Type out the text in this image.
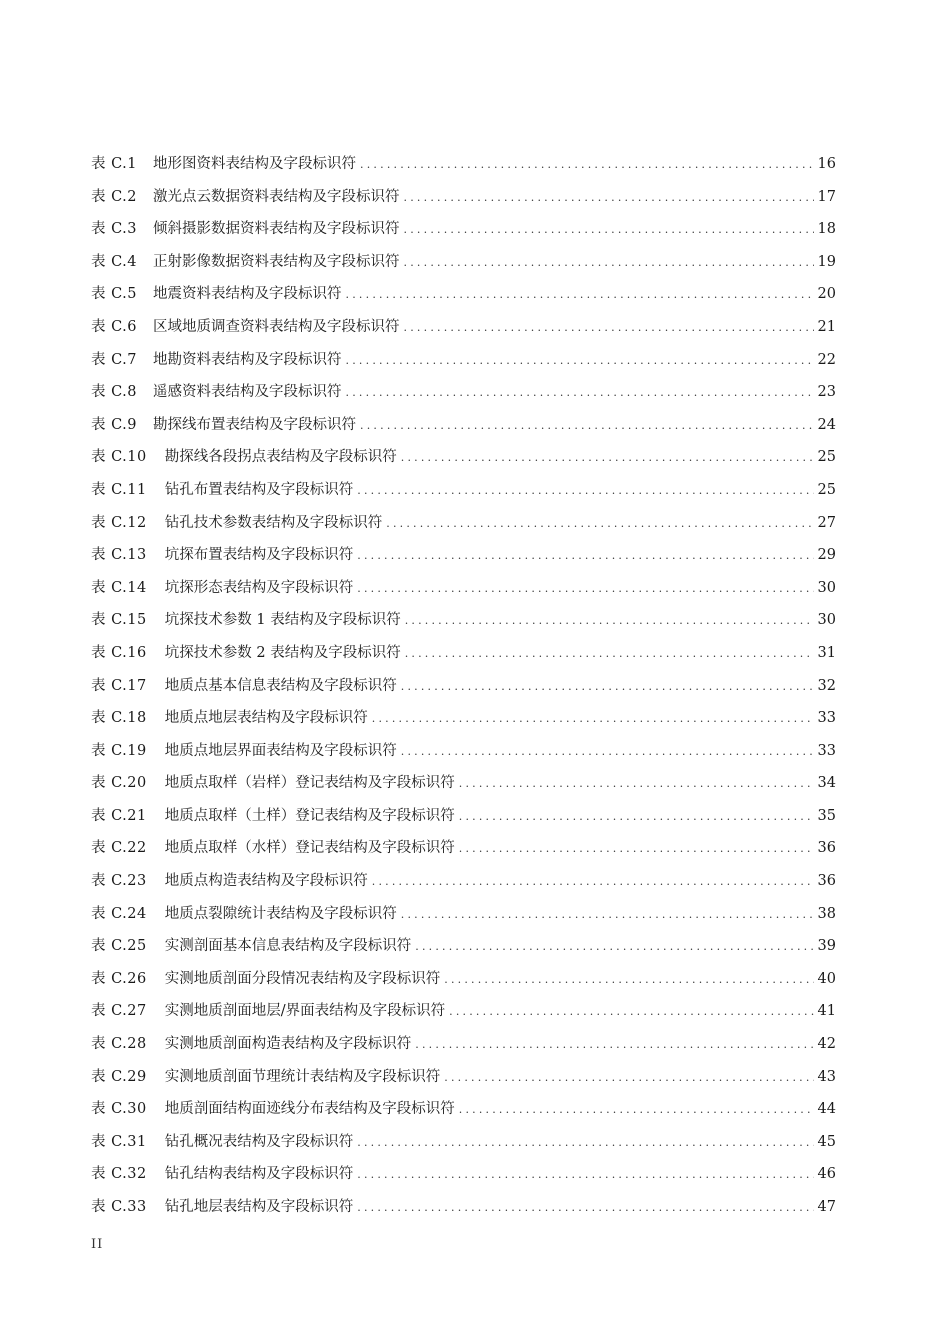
表 C.1	地形图资料表结构及字段标识符 .....	16
表 C.2	激光点云数据资料表结构及字段标识符 .....	17
表 C.3	倾斜摄影数据资料表结构及字段标识符 .....	18
表 C.4	正射影像数据资料表结构及字段标识符 .....	19
表 C.5	地震资料表结构及字段标识符 .....	20
表 C.6	区域地质调查资料表结构及字段标识符 .....	21
表 C.7	地勘资料表结构及字段标识符 .....	22
表 C.8	遥感资料表结构及字段标识符 .....	23
表 C.9	勘探线布置表结构及字段标识符 .....	24
表 C.10	勘探线各段拐点表结构及字段标识符 .....	25
表 C.11	钻孔布置表结构及字段标识符 .....	25
表 C.12	钻孔技术参数表结构及字段标识符 .....	27
表 C.13	坑探布置表结构及字段标识符 .....	29
表 C.14	坑探形态表结构及字段标识符 .....	30
表 C.15	坑探技术参数 1 表结构及字段标识符 .....	30
表 C.16	坑探技术参数 2 表结构及字段标识符 .....	31
表 C.17	地质点基本信息表结构及字段标识符 .....	32
表 C.18	地质点地层表结构及字段标识符 .....	33
表 C.19	地质点地层界面表结构及字段标识符 .....	33
表 C.20	地质点取样（岩样）登记表结构及字段标识符 .....	34
表 C.21	地质点取样（土样）登记表结构及字段标识符 .....	35
表 C.22	地质点取样（水样）登记表结构及字段标识符 .....	36
表 C.23	地质点构造表结构及字段标识符 .....	36
表 C.24	地质点裂隙统计表结构及字段标识符 .....	38
表 C.25	实测剖面基本信息表结构及字段标识符 .....	39
表 C.26	实测地质剖面分段情况表结构及字段标识符 .....	40
表 C.27	实测地质剖面地层/界面表结构及字段标识符 .....	41
表 C.28	实测地质剖面构造表结构及字段标识符 .....	42
表 C.29	实测地质剖面节理统计表结构及字段标识符 .....	43
表 C.30	地质剖面结构面迹线分布表结构及字段标识符 .....	44
表 C.31	钻孔概况表结构及字段标识符 .....	45
表 C.32	钻孔结构表结构及字段标识符 .....	46
表 C.33	钻孔地层表结构及字段标识符 .....	47
II
